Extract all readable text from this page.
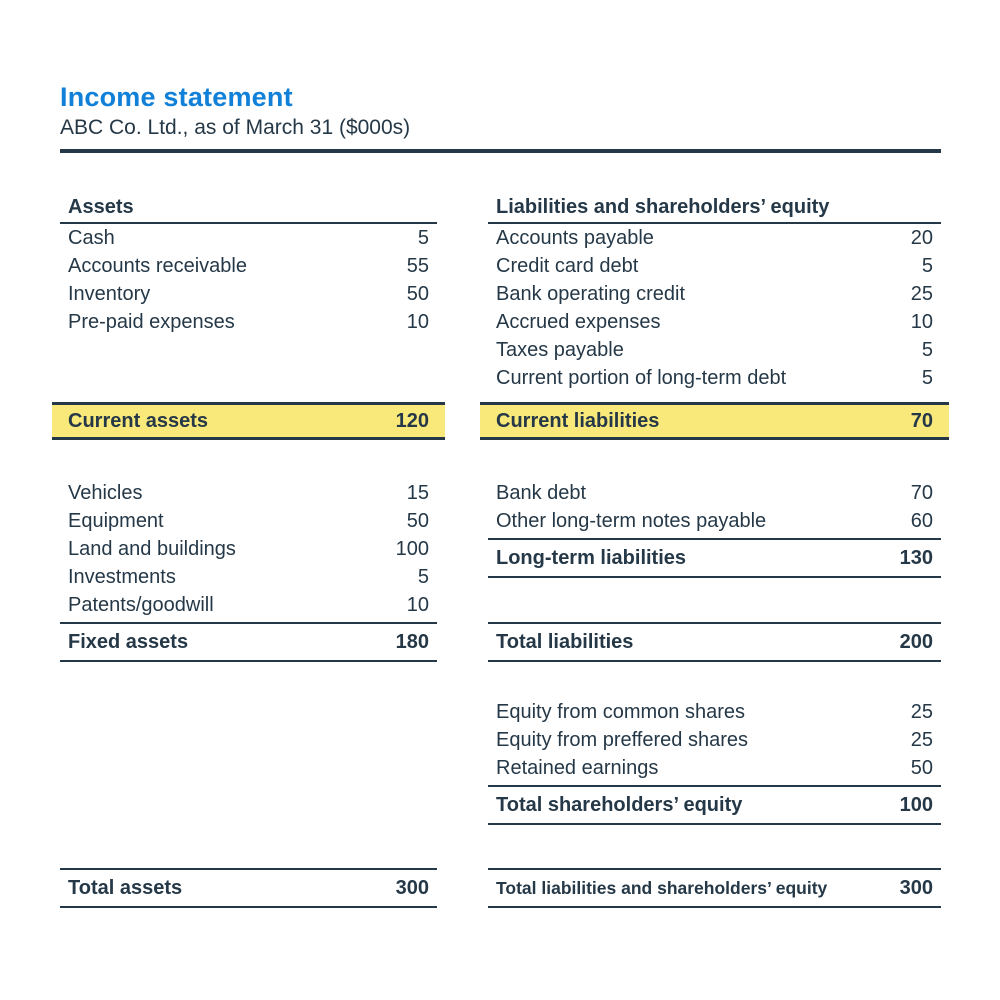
Income statement
ABC Co. Ltd., as of March 31 ($000s)
Assets
Cash	5
Accounts receivable	55
Inventory	50
Pre-paid expenses	10
Current assets	120
Vehicles	15
Equipment	50
Land and buildings	100
Investments	5
Patents/goodwill	10
Fixed assets	180
Total assets	300
Liabilities and shareholders’ equity
Accounts payable	20
Credit card debt	5
Bank operating credit	25
Accrued expenses	10
Taxes payable	5
Current portion of long-term debt	5
Current liabilities	70
Bank debt	70
Other long-term notes payable	60
Long-term liabilities	130
Total liabilities	200
Equity from common shares	25
Equity from preffered shares	25
Retained earnings	50
Total shareholders’ equity	100
Total liabilities and shareholders’ equity	300
